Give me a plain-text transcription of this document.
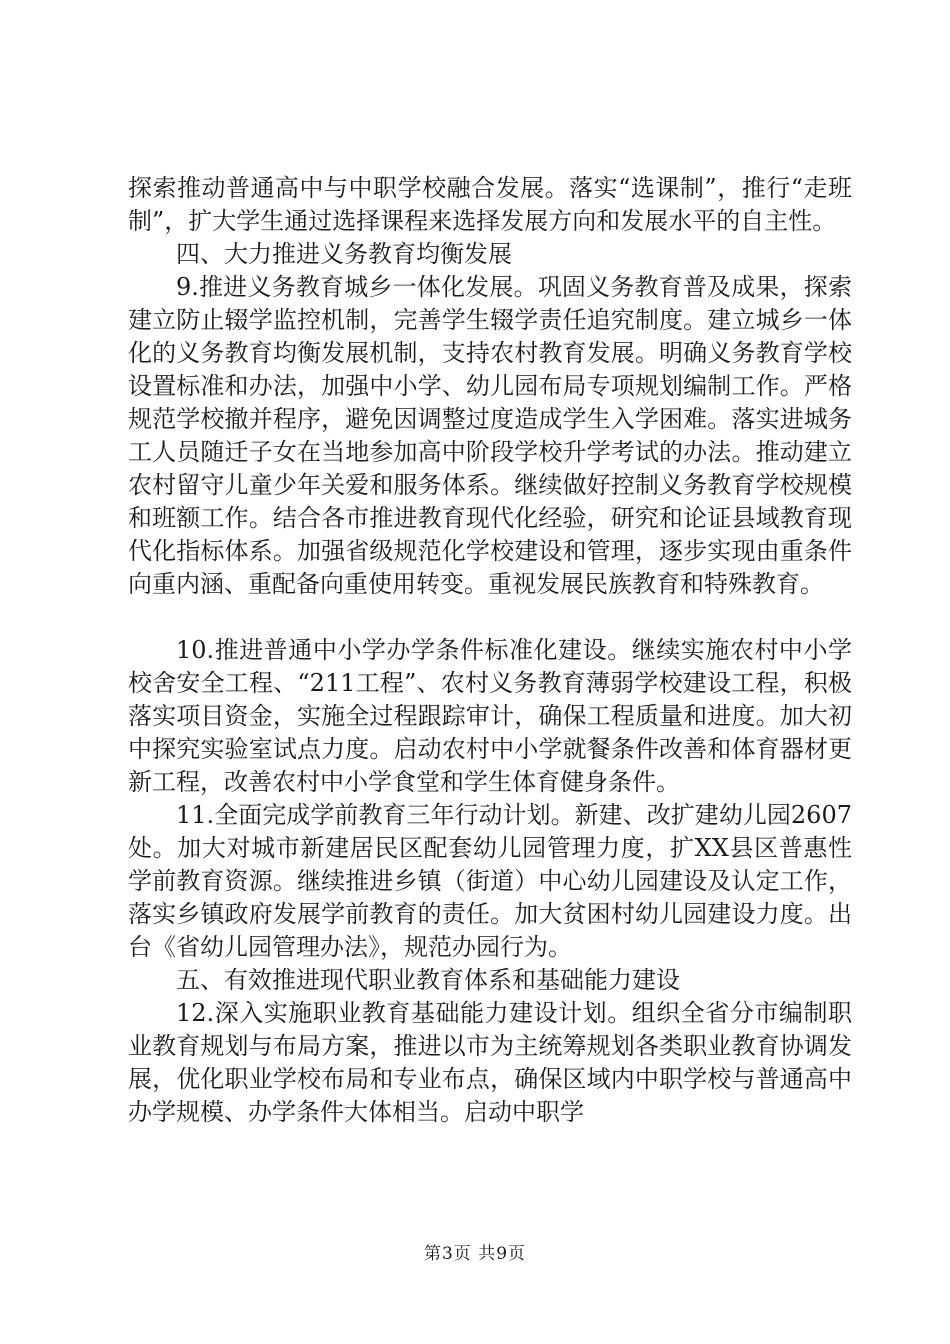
探索推动普通高中与中职学校融合发展。落实“选课制”，推行“走班制”，扩大学生通过选择课程来选择发展方向和发展水平的自主性。

四、大力推进义务教育均衡发展

9.推进义务教育城乡一体化发展。巩固义务教育普及成果，探索建立防止辍学监控机制，完善学生辍学责任追究制度。建立城乡一体化的义务教育均衡发展机制，支持农村教育发展。明确义务教育学校设置标准和办法，加强中小学、幼儿园布局专项规划编制工作。严格规范学校撤并程序，避免因调整过度造成学生入学困难。落实进城务工人员随迁子女在当地参加高中阶段学校升学考试的办法。推动建立农村留守儿童少年关爱和服务体系。继续做好控制义务教育学校规模和班额工作。结合各市推进教育现代化经验，研究和论证县域教育现代化指标体系。加强省级规范化学校建设和管理，逐步实现由重条件向重内涵、重配备向重使用转变。重视发展民族教育和特殊教育。

10.推进普通中小学办学条件标准化建设。继续实施农村中小学校舍安全工程、“211工程”、农村义务教育薄弱学校建设工程，积极落实项目资金，实施全过程跟踪审计，确保工程质量和进度。加大初中探究实验室试点力度。启动农村中小学就餐条件改善和体育器材更新工程，改善农村中小学食堂和学生体育健身条件。

11.全面完成学前教育三年行动计划。新建、改扩建幼儿园2607处。加大对城市新建居民区配套幼儿园管理力度，扩XX县区普惠性学前教育资源。继续推进乡镇（街道）中心幼儿园建设及认定工作，落实乡镇政府发展学前教育的责任。加大贫困村幼儿园建设力度。出台《省幼儿园管理办法》，规范办园行为。

五、有效推进现代职业教育体系和基础能力建设

12.深入实施职业教育基础能力建设计划。组织全省分市编制职业教育规划与布局方案，推进以市为主统筹规划各类职业教育协调发展，优化职业学校布局和专业布点，确保区域内中职学校与普通高中办学规模、办学条件大体相当。启动中职学

第3页 共9页
